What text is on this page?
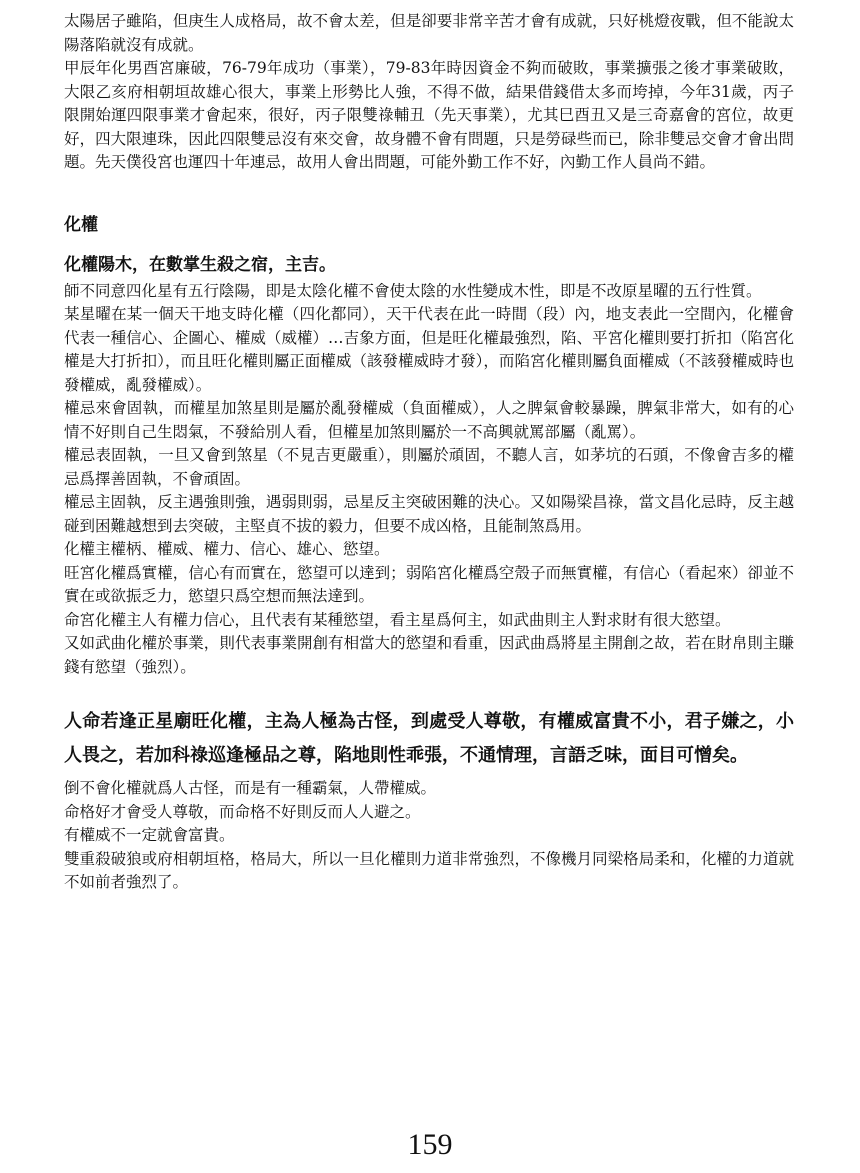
太陽居子雖陷，但庚生人成格局，故不會太差，但是卻要非常辛苦才會有成就，只好桃燈夜戰，但不能說太陽落陷就沒有成就。

甲辰年化男酉宮廉破，76-79年成功（事業），79-83年時因資金不夠而破敗，事業擴張之後才事業破敗，大限乙亥府相朝垣故雄心很大，事業上形勢比人強，不得不做，結果借錢借太多而垮掉，今年31歲，丙子限開始運四限事業才會起來，很好，丙子限雙祿輔丑（先天事業），尤其巳酉丑又是三奇嘉會的宮位，故更好，四大限連珠，因此四限雙忌沒有來交會，故身體不會有問題，只是勞碌些而已，除非雙忌交會才會出問題。先天僕役宮也運四十年連忌，故用人會出問題，可能外勤工作不好，內勤工作人員尚不錯。

化權
化權陽木，在數掌生殺之宿，主吉。

師不同意四化星有五行陰陽，即是太陰化權不會使太陰的水性變成木性，即是不改原星曜的五行性質。

某星曜在某一個天干地支時化權（四化都同），天干代表在此一時間（段）內，地支表此一空間內，化權會代表一種信心、企圖心、權威（威權）…吉象方面，但是旺化權最強烈，陷、平宮化權則要打折扣（陷宮化權是大打折扣），而且旺化權則屬正面權威（該發權威時才發），而陷宮化權則屬負面權威（不該發權威時也發權威，亂發權威）。

權忌來會固執，而權星加煞星則是屬於亂發權威（負面權威），人之脾氣會較暴躁，脾氣非常大，如有的心情不好則自己生悶氣，不發給別人看，但權星加煞則屬於一不高興就罵部屬（亂罵）。

權忌表固執，一旦又會到煞星（不見吉更嚴重），則屬於頑固，不聽人言，如茅坑的石頭，不像會吉多的權忌爲擇善固執，不會頑固。

權忌主固執，反主遇強則強，遇弱則弱，忌星反主突破困難的決心。又如陽梁昌祿，當文昌化忌時，反主越碰到困難越想到去突破，主堅貞不拔的毅力，但要不成凶格，且能制煞爲用。

化權主權柄、權威、權力、信心、雄心、慾望。

旺宮化權爲實權，信心有而實在，慾望可以達到；弱陷宮化權爲空殼子而無實權，有信心（看起來）卻並不實在或欲振乏力，慾望只爲空想而無法達到。

命宮化權主人有權力信心，且代表有某種慾望，看主星爲何主，如武曲則主人對求財有很大慾望。

又如武曲化權於事業，則代表事業開創有相當大的慾望和看重，因武曲爲將星主開創之故，若在財帛則主賺錢有慾望（強烈）。

人命若逢正星廟旺化權，主為人極為古怪，到處受人尊敬，有權威富貴不小，君子嫌之，小人畏之，若加科祿巡逢極品之尊，陷地則性乖張，不通情理，言語乏味，面目可憎矣。

倒不會化權就爲人古怪，而是有一種霸氣，人帶權威。

命格好才會受人尊敬，而命格不好則反而人人避之。

有權威不一定就會富貴。

雙重殺破狼或府相朝垣格，格局大，所以一旦化權則力道非常強烈，不像機月同梁格局柔和，化權的力道就不如前者強烈了。

159
